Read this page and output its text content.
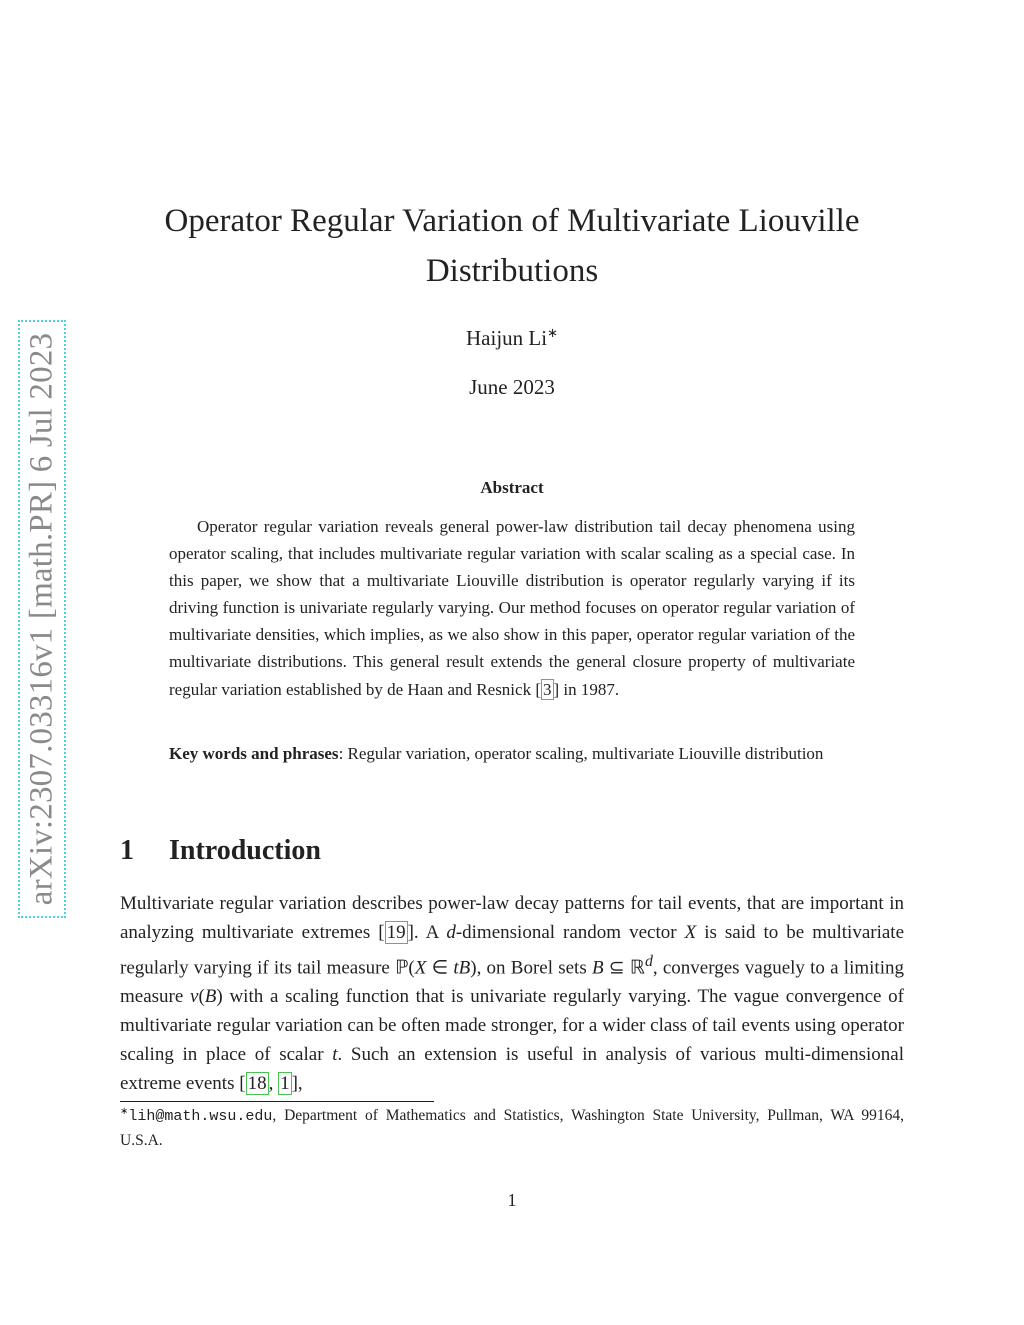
arXiv:2307.03316v1 [math.PR] 6 Jul 2023
Operator Regular Variation of Multivariate Liouville Distributions
Haijun Li∗
June 2023
Abstract

Operator regular variation reveals general power-law distribution tail decay phenomena using operator scaling, that includes multivariate regular variation with scalar scaling as a special case. In this paper, we show that a multivariate Liouville distribution is operator regularly varying if its driving function is univariate regularly varying. Our method focuses on operator regular variation of multivariate densities, which implies, as we also show in this paper, operator regular variation of the multivariate distributions. This general result extends the general closure property of multivariate regular variation established by de Haan and Resnick [ 3 ] in 1987.

Key words and phrases: Regular variation, operator scaling, multivariate Liouville distribution

1 Introduction

Multivariate regular variation describes power-law decay patterns for tail events, that are important in analyzing multivariate extremes [ 19 ]. A d-dimensional random vector X is said to be multivariate regularly varying if its tail measure ℙ(X ∈ tB), on Borel sets B ⊆ ℝ$^d$, converges vaguely to a limiting measure ν(B) with a scaling function that is univariate regularly varying. The vague convergence of multivariate regular variation can be often made stronger, for a wider class of tail events using operator scaling in place of scalar t. Such an extension is useful in analysis of various multi-dimensional extreme events [ 18 , 1 ],

∗lih@math.wsu.edu, Department of Mathematics and Statistics, Washington State University, Pullman, WA 99164, U.S.A.

1
